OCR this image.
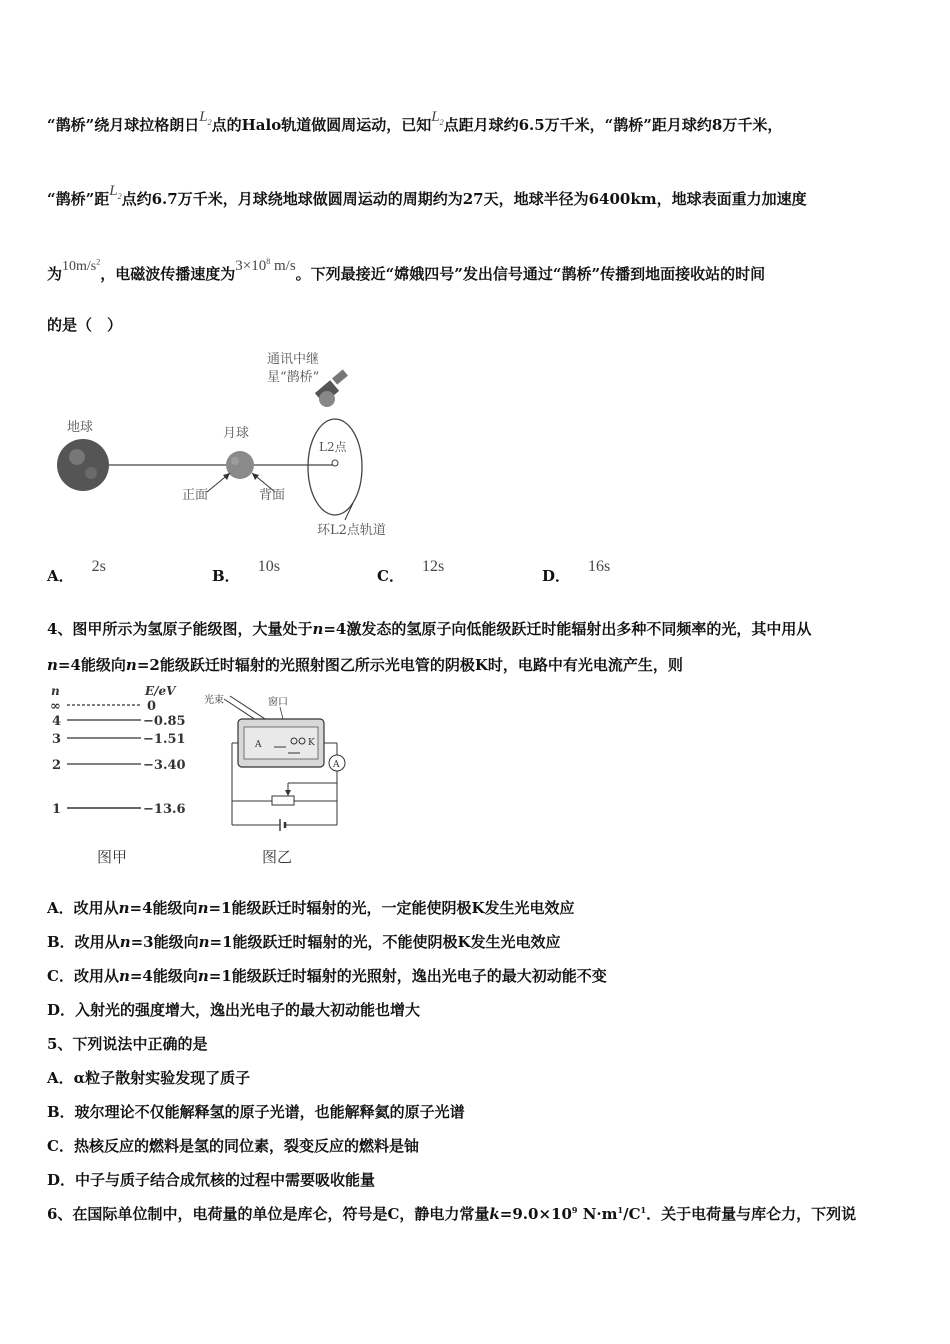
“鹊桥”绕月球拉格朗日$L_2$点的Halo轨道做圆周运动，已知$L_2$点距月球约6.5万千米，“鹊桥”距月球约8万千米，
“鹊桥”距$L_2$点约6.7万千米，月球绕地球做圆周运动的周期约为27天，地球半径为6400km，地球表面重力加速度
为$10m/s^2$，电磁波传播速度为$3\times 10^8$ m/s。下列最接近“嫦娥四号”发出信号通过“鹊桥”传播到地面接收站的时间
的是（　）
通讯中继
星“鹊桥”
地球	月球
L2点
正面	背面
环L2点轨道
A．2s
B．10s
C．12s
D．16s
4、图甲所示为氢原子能级图，大量处于n=4激发态的氢原子向低能级跃迁时能辐射出多种不同频率的光，其中用从
n=4能级向n=2能级跃迁时辐射的光照射图乙所示光电管的阴极K时，电路中有光电流产生，则
n	E/eV
∞	0
4	−0.85
3	−1.51
2	−3.40
1	−13.6
图甲
光束	窗口
A	K
A
图乙
A．改用从n=4能级向n=1能级跃迁时辐射的光，一定能使阴极K发生光电效应
B．改用从n=3能级向n=1能级跃迁时辐射的光，不能使阴极K发生光电效应
C．改用从n=4能级向n=1能级跃迁时辐射的光照射，逸出光电子的最大初动能不变
D．入射光的强度增大，逸出光电子的最大初动能也增大
5、下列说法中正确的是
A．α粒子散射实验发现了质子
B．玻尔理论不仅能解释氢的原子光谱，也能解释氦的原子光谱
C．热核反应的燃料是氢的同位素，裂变反应的燃料是铀
D．中子与质子结合成氘核的过程中需要吸收能量
6、在国际单位制中，电荷量的单位是库仑，符号是C，静电力常量$k=9.0\times 10^9$ $N\cdot m^1/C^1$．关于电荷量与库仑力，下列说
